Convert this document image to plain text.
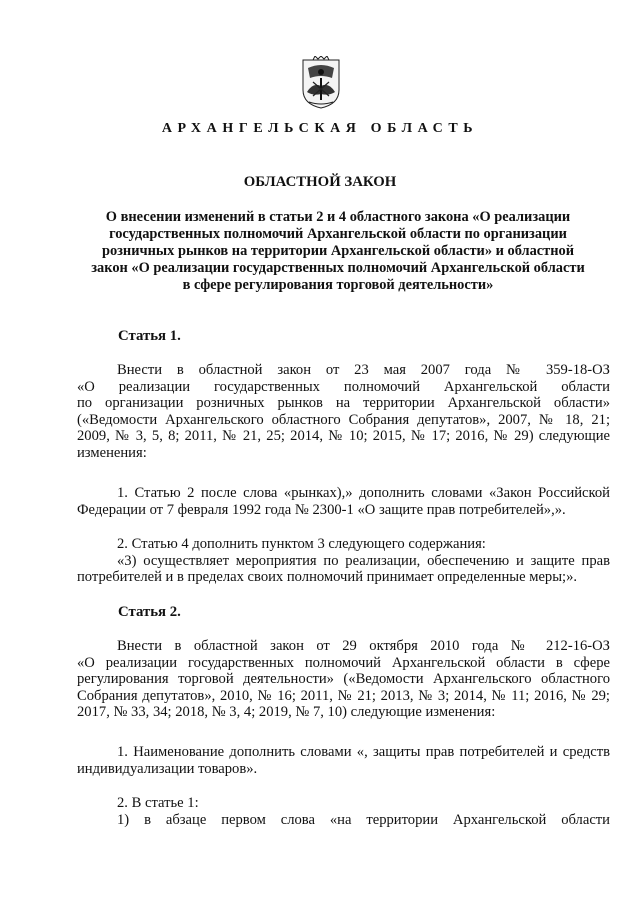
АРХАНГЕЛЬСКАЯ ОБЛАСТЬ
ОБЛАСТНОЙ ЗАКОН
О внесении изменений в статьи 2 и 4 областного закона «О реализации
государственных полномочий Архангельской области по организации
розничных рынков на территории Архангельской области» и областной
закон «О реализации государственных полномочий Архангельской области
в сфере регулирования торговой деятельности»
Статья 1.
Внести в областной закон от 23 мая 2007 года № 359-18-ОЗ
«О реализации государственных полномочий Архангельской области
по организации розничных рынков на территории Архангельской области»
(«Ведомости Архангельского областного Собрания депутатов», 2007, № 18, 21;
2009, № 3, 5, 8; 2011, № 21, 25; 2014, № 10; 2015, № 17; 2016, № 29) следующие
изменения:
1. Статью 2 после слова «рынках),» дополнить словами «Закон Российской
Федерации от 7 февраля 1992 года № 2300-1 «О защите прав потребителей»,».
2. Статью 4 дополнить пунктом 3 следующего содержания:
«3) осуществляет мероприятия по реализации, обеспечению и защите прав
потребителей и в пределах своих полномочий принимает определенные меры;».
Статья 2.
Внести в областной закон от 29 октября 2010 года № 212-16-ОЗ
«О реализации государственных полномочий Архангельской области в сфере
регулирования торговой деятельности» («Ведомости Архангельского областного
Собрания депутатов», 2010, № 16; 2011, № 21; 2013, № 3; 2014, № 11; 2016, № 29;
2017, № 33, 34; 2018, № 3, 4; 2019, № 7, 10) следующие изменения:
1. Наименование дополнить словами «, защиты прав потребителей и средств
индивидуализации товаров».
2. В статье 1:
1) в абзаце первом слова «на территории Архангельской области
